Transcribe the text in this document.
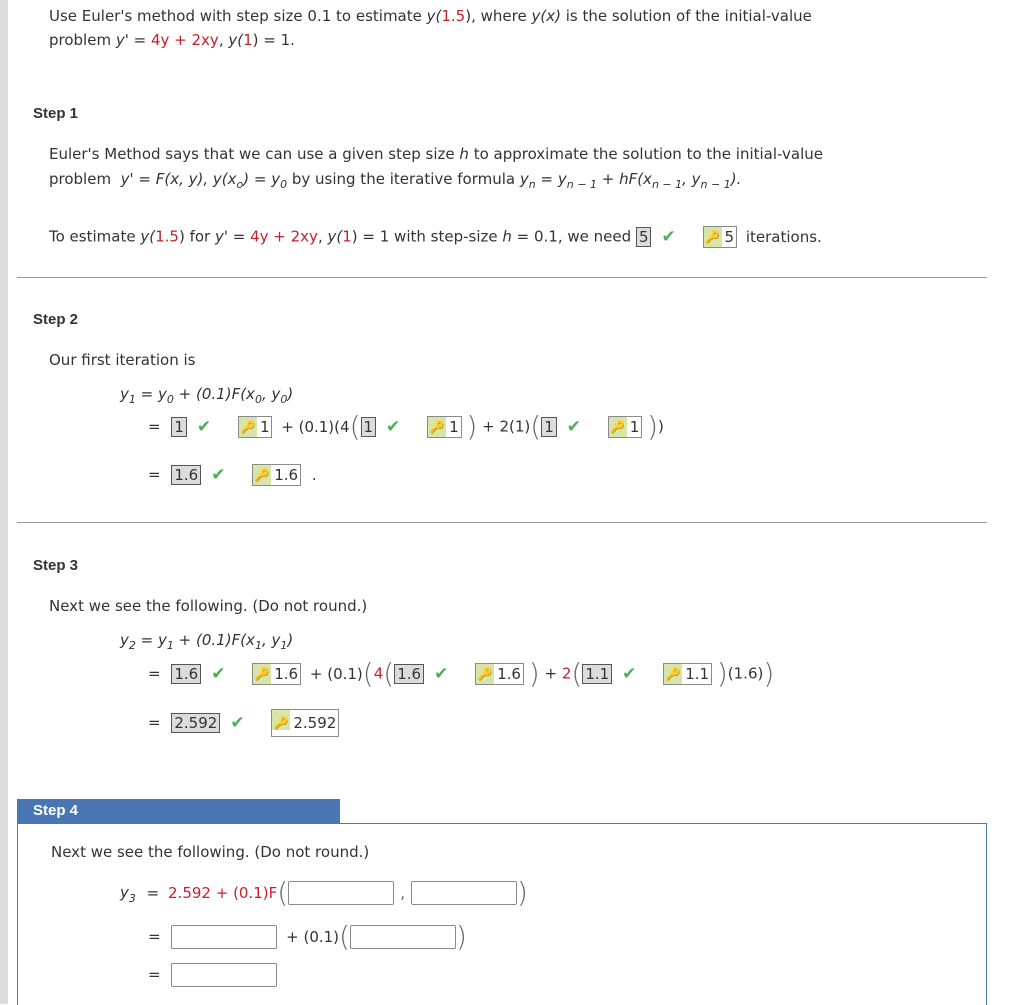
Use Euler's method with step size 0.1 to estimate y(1.5), where y(x) is the solution of the initial-value
problem y' = 4y + 2xy, y(1) = 1.
Step 1
Euler's Method says that we can use a given step size h to approximate the solution to the initial-value
problem y' = F(x, y), $y(x_o) = y_0$ by using the iterative formula $y_n = y_{n - 1} + hF(x_{n - 1}$, $y_{n - 1}$).
To estimate y(1.5) for y' = 4y + 2xy, y(1) = 1 with step-size h = 0.1, we need 5 ✔ 🔑 5 iterations.
Step 2
Our first iteration is
$y_1 = y_0 + (0.1)F(x_0$, $y_0$)
= 1 ✔ 🔑 1 + (0.1)(4( 1 ✔ 🔑 1 ) + 2(1)( 1 ✔ 🔑 1 ))
= 1.6 ✔ 🔑 1.6 .
Step 3
Next we see the following. (Do not round.)
$y_2 = y_1 + (0.1)F(x_1$, $y_1$)
= 1.6 ✔ 🔑 1.6 + (0.1)(4( 1.6 ✔ 🔑 1.6 ) + 2( 1.1 ✔ 🔑 1.1 )(1.6))
= 2.592 ✔ 🔑 2.592
Step 4
Next we see the following. (Do not round.)
$y_3 = 2.592 + (0.1)F$(	,	)
=	+ (0.1)(	)
=
